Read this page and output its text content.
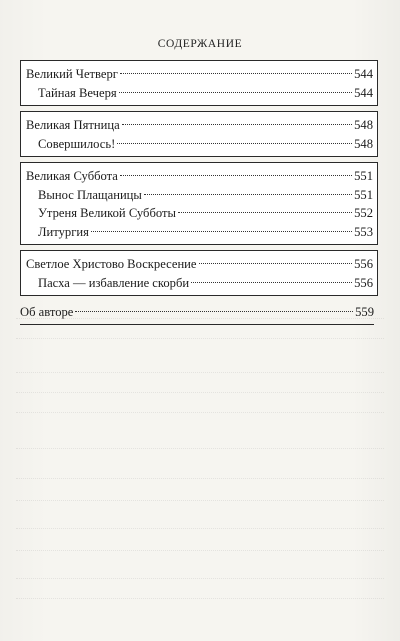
СОДЕРЖАНИЕ
Великий Четверг	544
Тайная Вечеря	544
Великая Пятница	548
Совершилось!	548
Великая Суббота	551
Вынос Плащаницы	551
Утреня Великой Субботы	552
Литургия	553
Светлое Христово Воскресение	556
Пасха — избавление скорби	556
Об авторе	559
